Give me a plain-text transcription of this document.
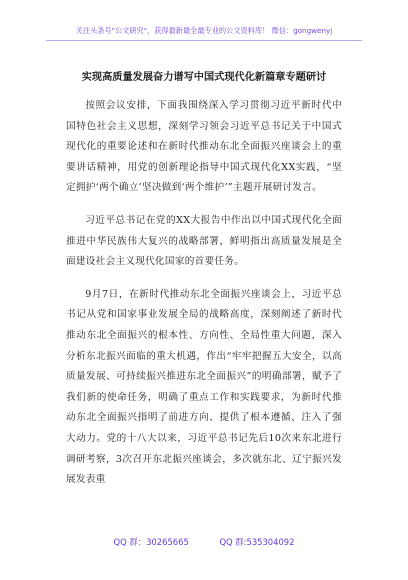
关注头条号"公文研究"，获得最新最全最专业的公文资料库！ 微信：gongwenyj
实现高质量发展奋力谱写中国式现代化新篇章专题研讨

按照会议安排，下面我围绕深入学习贯彻习近平新时代中国特色社会主义思想，深刻学习领会习近平总书记关于中国式现代化的重要论述和在新时代推动东北全面振兴座谈会上的重要讲话精神，用党的创新理论指导中国式现代化XX实践，“坚定拥护‘两个确立’坚决做到‘两个维护’”主题开展研讨发言。

习近平总书记在党的XX大报告中作出以中国式现代化全面推进中华民族伟大复兴的战略部署，鲜明指出高质量发展是全面建设社会主义现代化国家的首要任务。

9月7日，在新时代推动东北全面振兴座谈会上，习近平总书记从党和国家事业发展全局的战略高度，深刻阐述了新时代推动东北全面振兴的根本性、方向性、全局性重大问题，深入分析东北振兴面临的重大机遇，作出“牢牢把握五大安全，以高质量发展、可持续振兴推进东北全面振兴”的明确部署，赋予了我们新的使命任务，明确了重点工作和实践要求，为新时代推动东北全面振兴指明了前进方向、提供了根本遵循、注入了强大动力。党的十八大以来，习近平总书记先后10次来东北进行调研考察，3次召开东北振兴座谈会，多次就东北、辽宁振兴发展发表重

QQ 群：30265665	QQ 群:535304092
